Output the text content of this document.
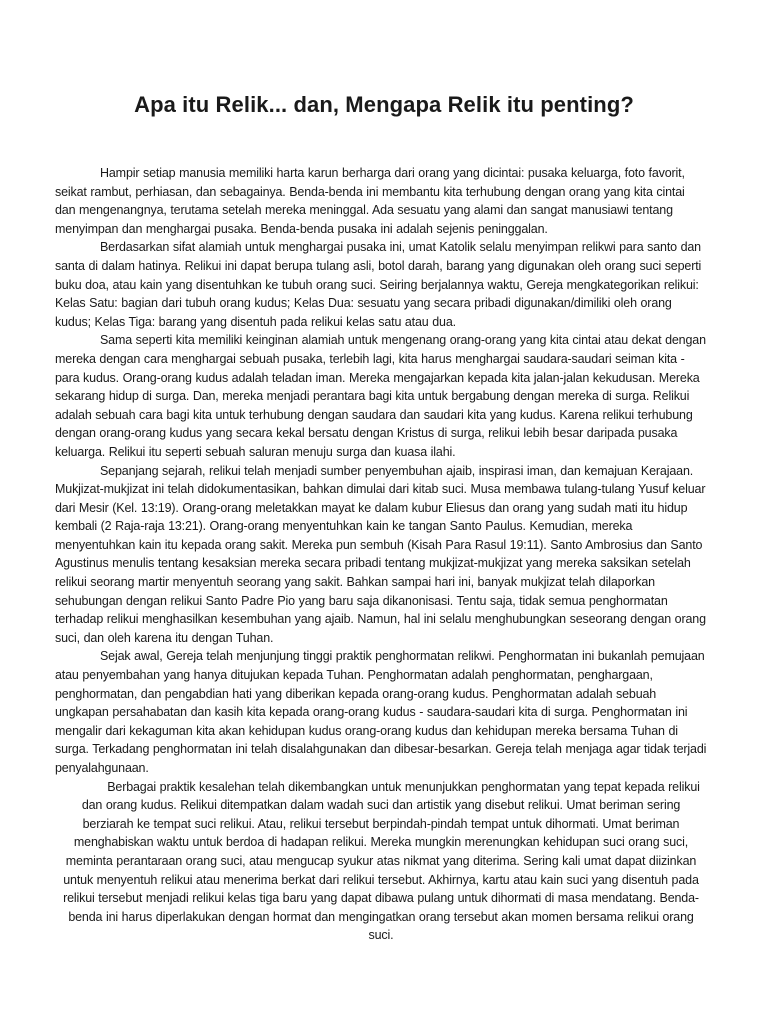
Apa itu Relik... dan, Mengapa Relik itu penting?

Hampir setiap manusia memiliki harta karun berharga dari orang yang dicintai: pusaka keluarga, foto favorit, seikat rambut, perhiasan, dan sebagainya. Benda-benda ini membantu kita terhubung dengan orang yang kita cintai dan mengenangnya, terutama setelah mereka meninggal. Ada sesuatu yang alami dan sangat manusiawi tentang menyimpan dan menghargai pusaka. Benda-benda pusaka ini adalah sejenis peninggalan.

Berdasarkan sifat alamiah untuk menghargai pusaka ini, umat Katolik selalu menyimpan relikwi para santo dan santa di dalam hatinya. Relikui ini dapat berupa tulang asli, botol darah, barang yang digunakan oleh orang suci seperti buku doa, atau kain yang disentuhkan ke tubuh orang suci. Seiring berjalannya waktu, Gereja mengkategorikan relikui: Kelas Satu: bagian dari tubuh orang kudus; Kelas Dua: sesuatu yang secara pribadi digunakan/dimiliki oleh orang kudus; Kelas Tiga: barang yang disentuh pada relikui kelas satu atau dua.

Sama seperti kita memiliki keinginan alamiah untuk mengenang orang-orang yang kita cintai atau dekat dengan mereka dengan cara menghargai sebuah pusaka, terlebih lagi, kita harus menghargai saudara-saudari seiman kita - para kudus. Orang-orang kudus adalah teladan iman. Mereka mengajarkan kepada kita jalan-jalan kekudusan. Mereka sekarang hidup di surga. Dan, mereka menjadi perantara bagi kita untuk bergabung dengan mereka di surga. Relikui adalah sebuah cara bagi kita untuk terhubung dengan saudara dan saudari kita yang kudus. Karena relikui terhubung dengan orang-orang kudus yang secara kekal bersatu dengan Kristus di surga, relikui lebih besar daripada pusaka keluarga. Relikui itu seperti sebuah saluran menuju surga dan kuasa ilahi.

Sepanjang sejarah, relikui telah menjadi sumber penyembuhan ajaib, inspirasi iman, dan kemajuan Kerajaan. Mukjizat-mukjizat ini telah didokumentasikan, bahkan dimulai dari kitab suci. Musa membawa tulang-tulang Yusuf keluar dari Mesir (Kel. 13:19). Orang-orang meletakkan mayat ke dalam kubur Eliesus dan orang yang sudah mati itu hidup kembali (2 Raja-raja 13:21). Orang-orang menyentuhkan kain ke tangan Santo Paulus. Kemudian, mereka menyentuhkan kain itu kepada orang sakit. Mereka pun sembuh (Kisah Para Rasul 19:11). Santo Ambrosius dan Santo Agustinus menulis tentang kesaksian mereka secara pribadi tentang mukjizat-mukjizat yang mereka saksikan setelah relikui seorang martir menyentuh seorang yang sakit. Bahkan sampai hari ini, banyak mukjizat telah dilaporkan sehubungan dengan relikui Santo Padre Pio yang baru saja dikanonisasi. Tentu saja, tidak semua penghormatan terhadap relikui menghasilkan kesembuhan yang ajaib. Namun, hal ini selalu menghubungkan seseorang dengan orang suci, dan oleh karena itu dengan Tuhan.

Sejak awal, Gereja telah menjunjung tinggi praktik penghormatan relikwi. Penghormatan ini bukanlah pemujaan atau penyembahan yang hanya ditujukan kepada Tuhan. Penghormatan adalah penghormatan, penghargaan, penghormatan, dan pengabdian hati yang diberikan kepada orang-orang kudus. Penghormatan adalah sebuah ungkapan persahabatan dan kasih kita kepada orang-orang kudus - saudara-saudari kita di surga. Penghormatan ini mengalir dari kekaguman kita akan kehidupan kudus orang-orang kudus dan kehidupan mereka bersama Tuhan di surga. Terkadang penghormatan ini telah disalahgunakan dan dibesar-besarkan. Gereja telah menjaga agar tidak terjadi penyalahgunaan.

Berbagai praktik kesalehan telah dikembangkan untuk menunjukkan penghormatan yang tepat kepada relikui dan orang kudus. Relikui ditempatkan dalam wadah suci dan artistik yang disebut relikui. Umat beriman sering berziarah ke tempat suci relikui. Atau, relikui tersebut berpindah-pindah tempat untuk dihormati. Umat beriman menghabiskan waktu untuk berdoa di hadapan relikui. Mereka mungkin merenungkan kehidupan suci orang suci, meminta perantaraan orang suci, atau mengucap syukur atas nikmat yang diterima. Sering kali umat dapat diizinkan untuk menyentuh relikui atau menerima berkat dari relikui tersebut. Akhirnya, kartu atau kain suci yang disentuh pada relikui tersebut menjadi relikui kelas tiga baru yang dapat dibawa pulang untuk dihormati di masa mendatang. Benda-benda ini harus diperlakukan dengan hormat dan mengingatkan orang tersebut akan momen bersama relikui orang suci.
